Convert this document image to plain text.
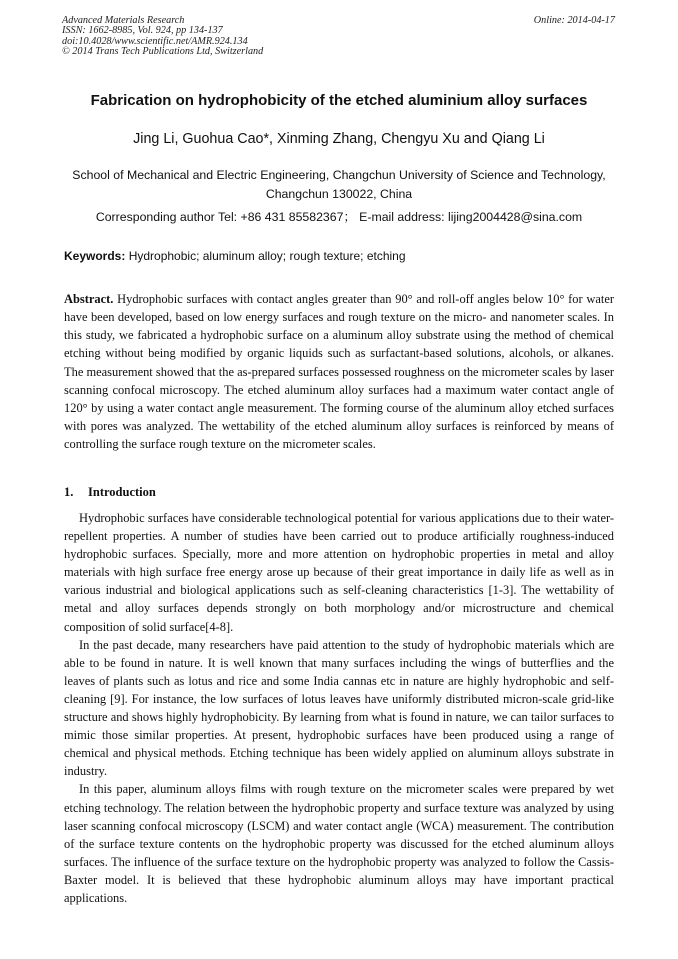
Advanced Materials Research
ISSN: 1662-8985, Vol. 924, pp 134-137
doi:10.4028/www.scientific.net/AMR.924.134
© 2014 Trans Tech Publications Ltd, Switzerland
Online: 2014-04-17
Fabrication on hydrophobicity of the etched aluminium alloy surfaces
Jing Li, Guohua Cao*, Xinming Zhang, Chengyu Xu and Qiang Li
School of Mechanical and Electric Engineering, Changchun University of Science and Technology, Changchun 130022, China
Corresponding author Tel: +86 431 85582367； E-mail address: lijing2004428@sina.com
Keywords: Hydrophobic; aluminum alloy; rough texture; etching

Abstract. Hydrophobic surfaces with contact angles greater than 90° and roll-off angles below 10° for water have been developed, based on low energy surfaces and rough texture on the micro- and nanometer scales. In this study, we fabricated a hydrophobic surface on a aluminum alloy substrate using the method of chemical etching without being modified by organic liquids such as surfactant-based solutions, alcohols, or alkanes. The measurement showed that the as-prepared surfaces possessed roughness on the micrometer scales by laser scanning confocal microscopy. The etched aluminum alloy surfaces had a maximum water contact angle of 120° by using a water contact angle measurement. The forming course of the aluminum alloy etched surfaces with pores was analyzed. The wettability of the etched aluminum alloy surfaces is reinforced by means of controlling the surface rough texture on the micrometer scales.

1. Introduction

Hydrophobic surfaces have considerable technological potential for various applications due to their water-repellent properties. A number of studies have been carried out to produce artificially roughness-induced hydrophobic surfaces. Specially, more and more attention on hydrophobic properties in metal and alloy materials with high surface free energy arose up because of their great importance in daily life as well as in various industrial and biological applications such as self-cleaning characteristics [1-3]. The wettability of metal and alloy surfaces depends strongly on both morphology and/or microstructure and chemical composition of solid surface[4-8].

In the past decade, many researchers have paid attention to the study of hydrophobic materials which are able to be found in nature. It is well known that many surfaces including the wings of butterflies and the leaves of plants such as lotus and rice and some India cannas etc in nature are highly hydrophobic and self-cleaning [9]. For instance, the low surfaces of lotus leaves have uniformly distributed micron-scale grid-like structure and shows highly hydrophobicity. By learning from what is found in nature, we can tailor surfaces to mimic those similar properties. At present, hydrophobic surfaces have been produced using a range of chemical and physical methods. Etching technique has been widely applied on aluminum alloys substrate in industry.

In this paper, aluminum alloys films with rough texture on the micrometer scales were prepared by wet etching technology. The relation between the hydrophobic property and surface texture was analyzed by using laser scanning confocal microscopy (LSCM) and water contact angle (WCA) measurement. The contribution of the surface texture contents on the hydrophobic property was discussed for the etched aluminum alloys surfaces. The influence of the surface texture on the hydrophobic property was analyzed to follow the Cassis-Baxter model. It is believed that these hydrophobic aluminum alloys may have important practical applications.
